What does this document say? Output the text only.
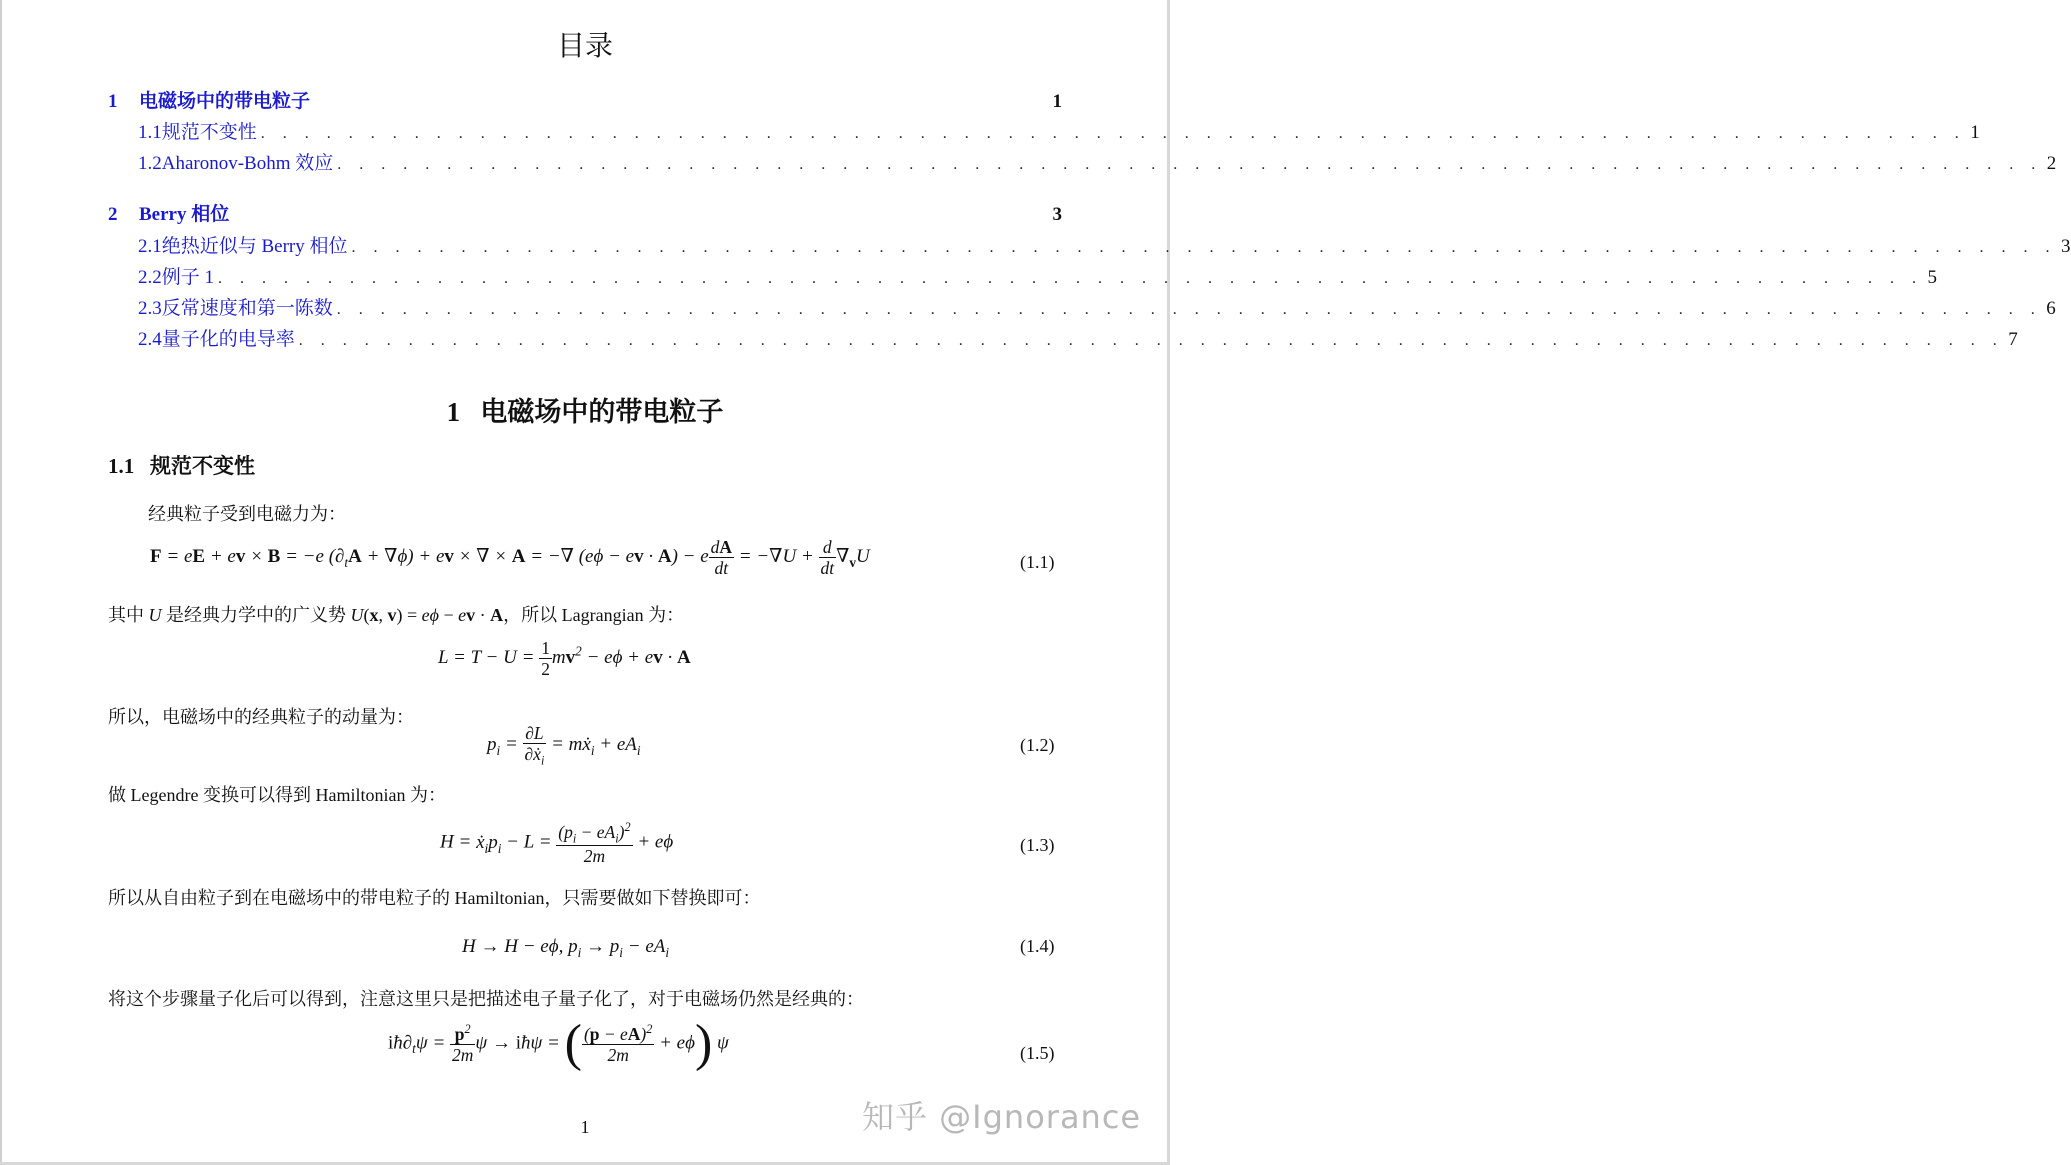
目录
1	电磁场中的带电粒子	1
1.1 规范不变性 . . . . . . . . . . . . . . . . . . . . . . . . . . . . . . . . . . . . . . . . . . . . . . . . . . . . . . . . . . . . . . . . . . . . . . . . . . . . . . 1
1.2 Aharonov-Bohm 效应 . . . . . . . . . . . . . . . . . . . . . . . . . . . . . . . . . . . . . . . . . . . . . . . . . . . . . . . . . . . . . . . . . . . . . . . . . . . . . . 2
2	Berry 相位	3
2.1 绝热近似与 Berry 相位 . . . . . . . . . . . . . . . . . . . . . . . . . . . . . . . . . . . . . . . . . . . . . . . . . . . . . . . . . . . . . . . . . . . . . . . . . . . . . . 3
2.2 例子 1 . . . . . . . . . . . . . . . . . . . . . . . . . . . . . . . . . . . . . . . . . . . . . . . . . . . . . . . . . . . . . . . . . . . . . . . . . . . . . . 5
2.3 反常速度和第一陈数 . . . . . . . . . . . . . . . . . . . . . . . . . . . . . . . . . . . . . . . . . . . . . . . . . . . . . . . . . . . . . . . . . . . . . . . . . . . . . . 6
2.4 量子化的电导率 . . . . . . . . . . . . . . . . . . . . . . . . . . . . . . . . . . . . . . . . . . . . . . . . . . . . . . . . . . . . . . . . . . . . . . . . . . . . . . 7
1 电磁场中的带电粒子
1.1 规范不变性
经典粒子受到电磁力为：
F = eE + ev × B = −e $(\partial_tA + \nabla\phi)$ + ev × ∇ × A = −∇ (eϕ − ev · A) − e $\frac{dA}{dt} = -\nabla U + \frac{d}{dt} \nabla_vU$	(1.1)
其中 U 是经典力学中的广义势 U(x, v) = eϕ − ev · A，所以 Lagrangian 为：
$L = T - U = \frac{1}{2} mv^2 - e\phi$ + ev · A
所以，电磁场中的经典粒子的动量为：
$p_i = \frac{\partial L}{\partial ẋ_i}$ = mẋ$_i$ + $eA_i$	(1.2)
做 Legendre 变换可以得到 Hamiltonian 为：
$H = ẋ_ip_i - L = \frac{(p_i - eA_i)^2}{2m} + e\phi$	(1.3)
所以从自由粒子到在电磁场中的带电粒子的 Hamiltonian，只需要做如下替换即可：
H → H − eϕ, $p_i \to p_i - eA_i$	(1.4)
将这个步骤量子化后可以得到，注意这里只是把描述电子量子化了，对于电磁场仍然是经典的：
$iħ\partial_t\psi = \frac{p^2}{2m}$ ψ → iħψ = ( $\frac{(p - eA)^2}{2m} + e\phi$) ψ	(1.5)
1	知乎 @Ignorance
